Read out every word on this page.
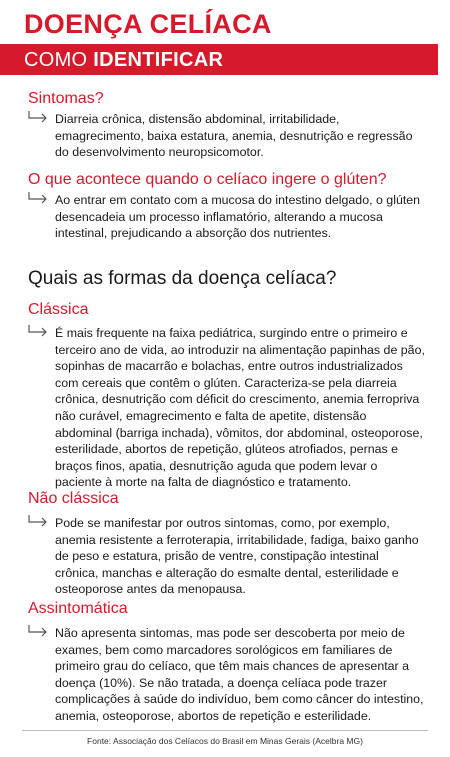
DOENÇA CELÍACA
COMO IDENTIFICAR
Sintomas?

Diarreia crônica, distensão abdominal, irritabilidade, emagrecimento, baixa estatura, anemia, desnutrição e regressão do desenvolvimento neuropsicomotor.

O que acontece quando o celíaco ingere o glúten?

Ao entrar em contato com a mucosa do intestino delgado, o glúten desencadeia um processo inflamatório, alterando a mucosa intestinal, prejudicando a absorção dos nutrientes.

Quais as formas da doença celíaca?
Clássica

É mais frequente na faixa pediátrica, surgindo entre o primeiro e terceiro ano de vida, ao introduzir na alimentação papinhas de pão, sopinhas de macarrão e bolachas, entre outros industrializados com cereais que contêm o glúten. Caracteriza-se pela diarreia crônica, desnutrição com déficit do crescimento, anemia ferropriva não curável, emagrecimento e falta de apetite, distensão abdominal (barriga inchada), vômitos, dor abdominal, osteoporose, esterilidade, abortos de repetição, glúteos atrofiados, pernas e braços finos, apatia, desnutrição aguda que podem levar o paciente à morte na falta de diagnóstico e tratamento.

Não clássica

Pode se manifestar por outros sintomas, como, por exemplo, anemia resistente a ferroterapia, irritabilidade, fadiga, baixo ganho de peso e estatura, prisão de ventre, constipação intestinal crônica, manchas e alteração do esmalte dental, esterilidade e osteoporose antes da menopausa.

Assintomática

Não apresenta sintomas, mas pode ser descoberta por meio de exames, bem como marcadores sorológicos em familiares de primeiro grau do celíaco, que têm mais chances de apresentar a doença (10%). Se não tratada, a doença celíaca pode trazer complicações à saúde do indivíduo, bem como câncer do intestino, anemia, osteoporose, abortos de repetição e esterilidade.

Fonte: Associação dos Celíacos do Brasil em Minas Gerais (Acelbra MG)
